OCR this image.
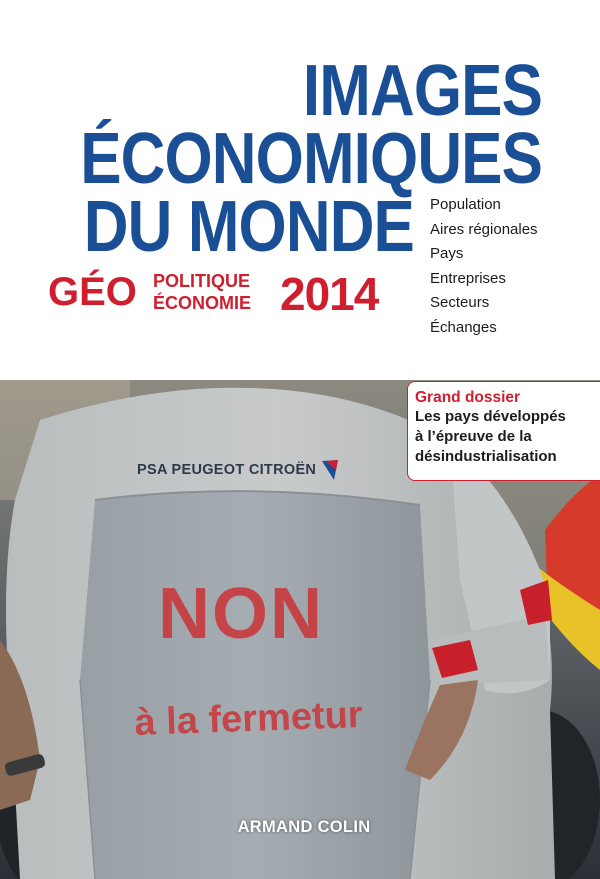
IMAGES
ÉCONOMIQUES
DU MONDE
GÉO POLITIQUE
ÉCONOMIE 2014
Population
Aires régionales
Pays
Entreprises
Secteurs
Échanges
PSA PEUGEOT CITROËN
NON
à la fermetur
Grand dossier
Les pays développés
à l’épreuve de la
désindustrialisation
ARMAND COLIN
